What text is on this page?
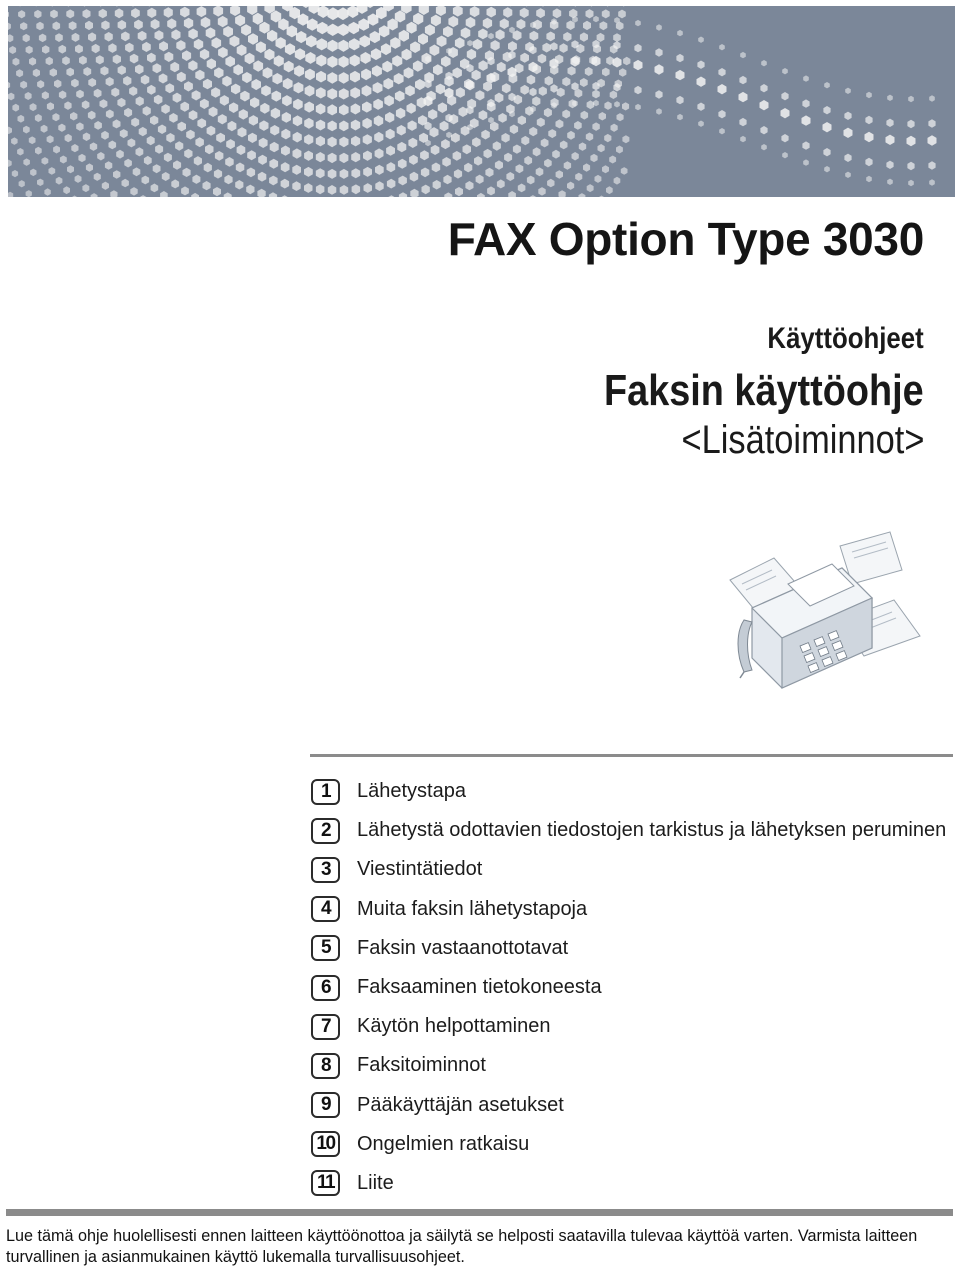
FAX Option Type 3030
Käyttöohjeet
Faksin käyttöohje
<Lisätoiminnot>
1	Lähetystapa
2	Lähetystä odottavien tiedostojen tarkistus ja lähetyksen peruminen
3	Viestintätiedot
4	Muita faksin lähetystapoja
5	Faksin vastaanottotavat
6	Faksaaminen tietokoneesta
7	Käytön helpottaminen
8	Faksitoiminnot
9	Pääkäyttäjän asetukset
10 Ongelmien ratkaisu
11 Liite

Lue tämä ohje huolellisesti ennen laitteen käyttöönottoa ja säilytä se helposti saatavilla tulevaa käyttöä varten. Varmista laitteen turvallinen ja asianmukainen käyttö lukemalla turvallisuusohjeet.
